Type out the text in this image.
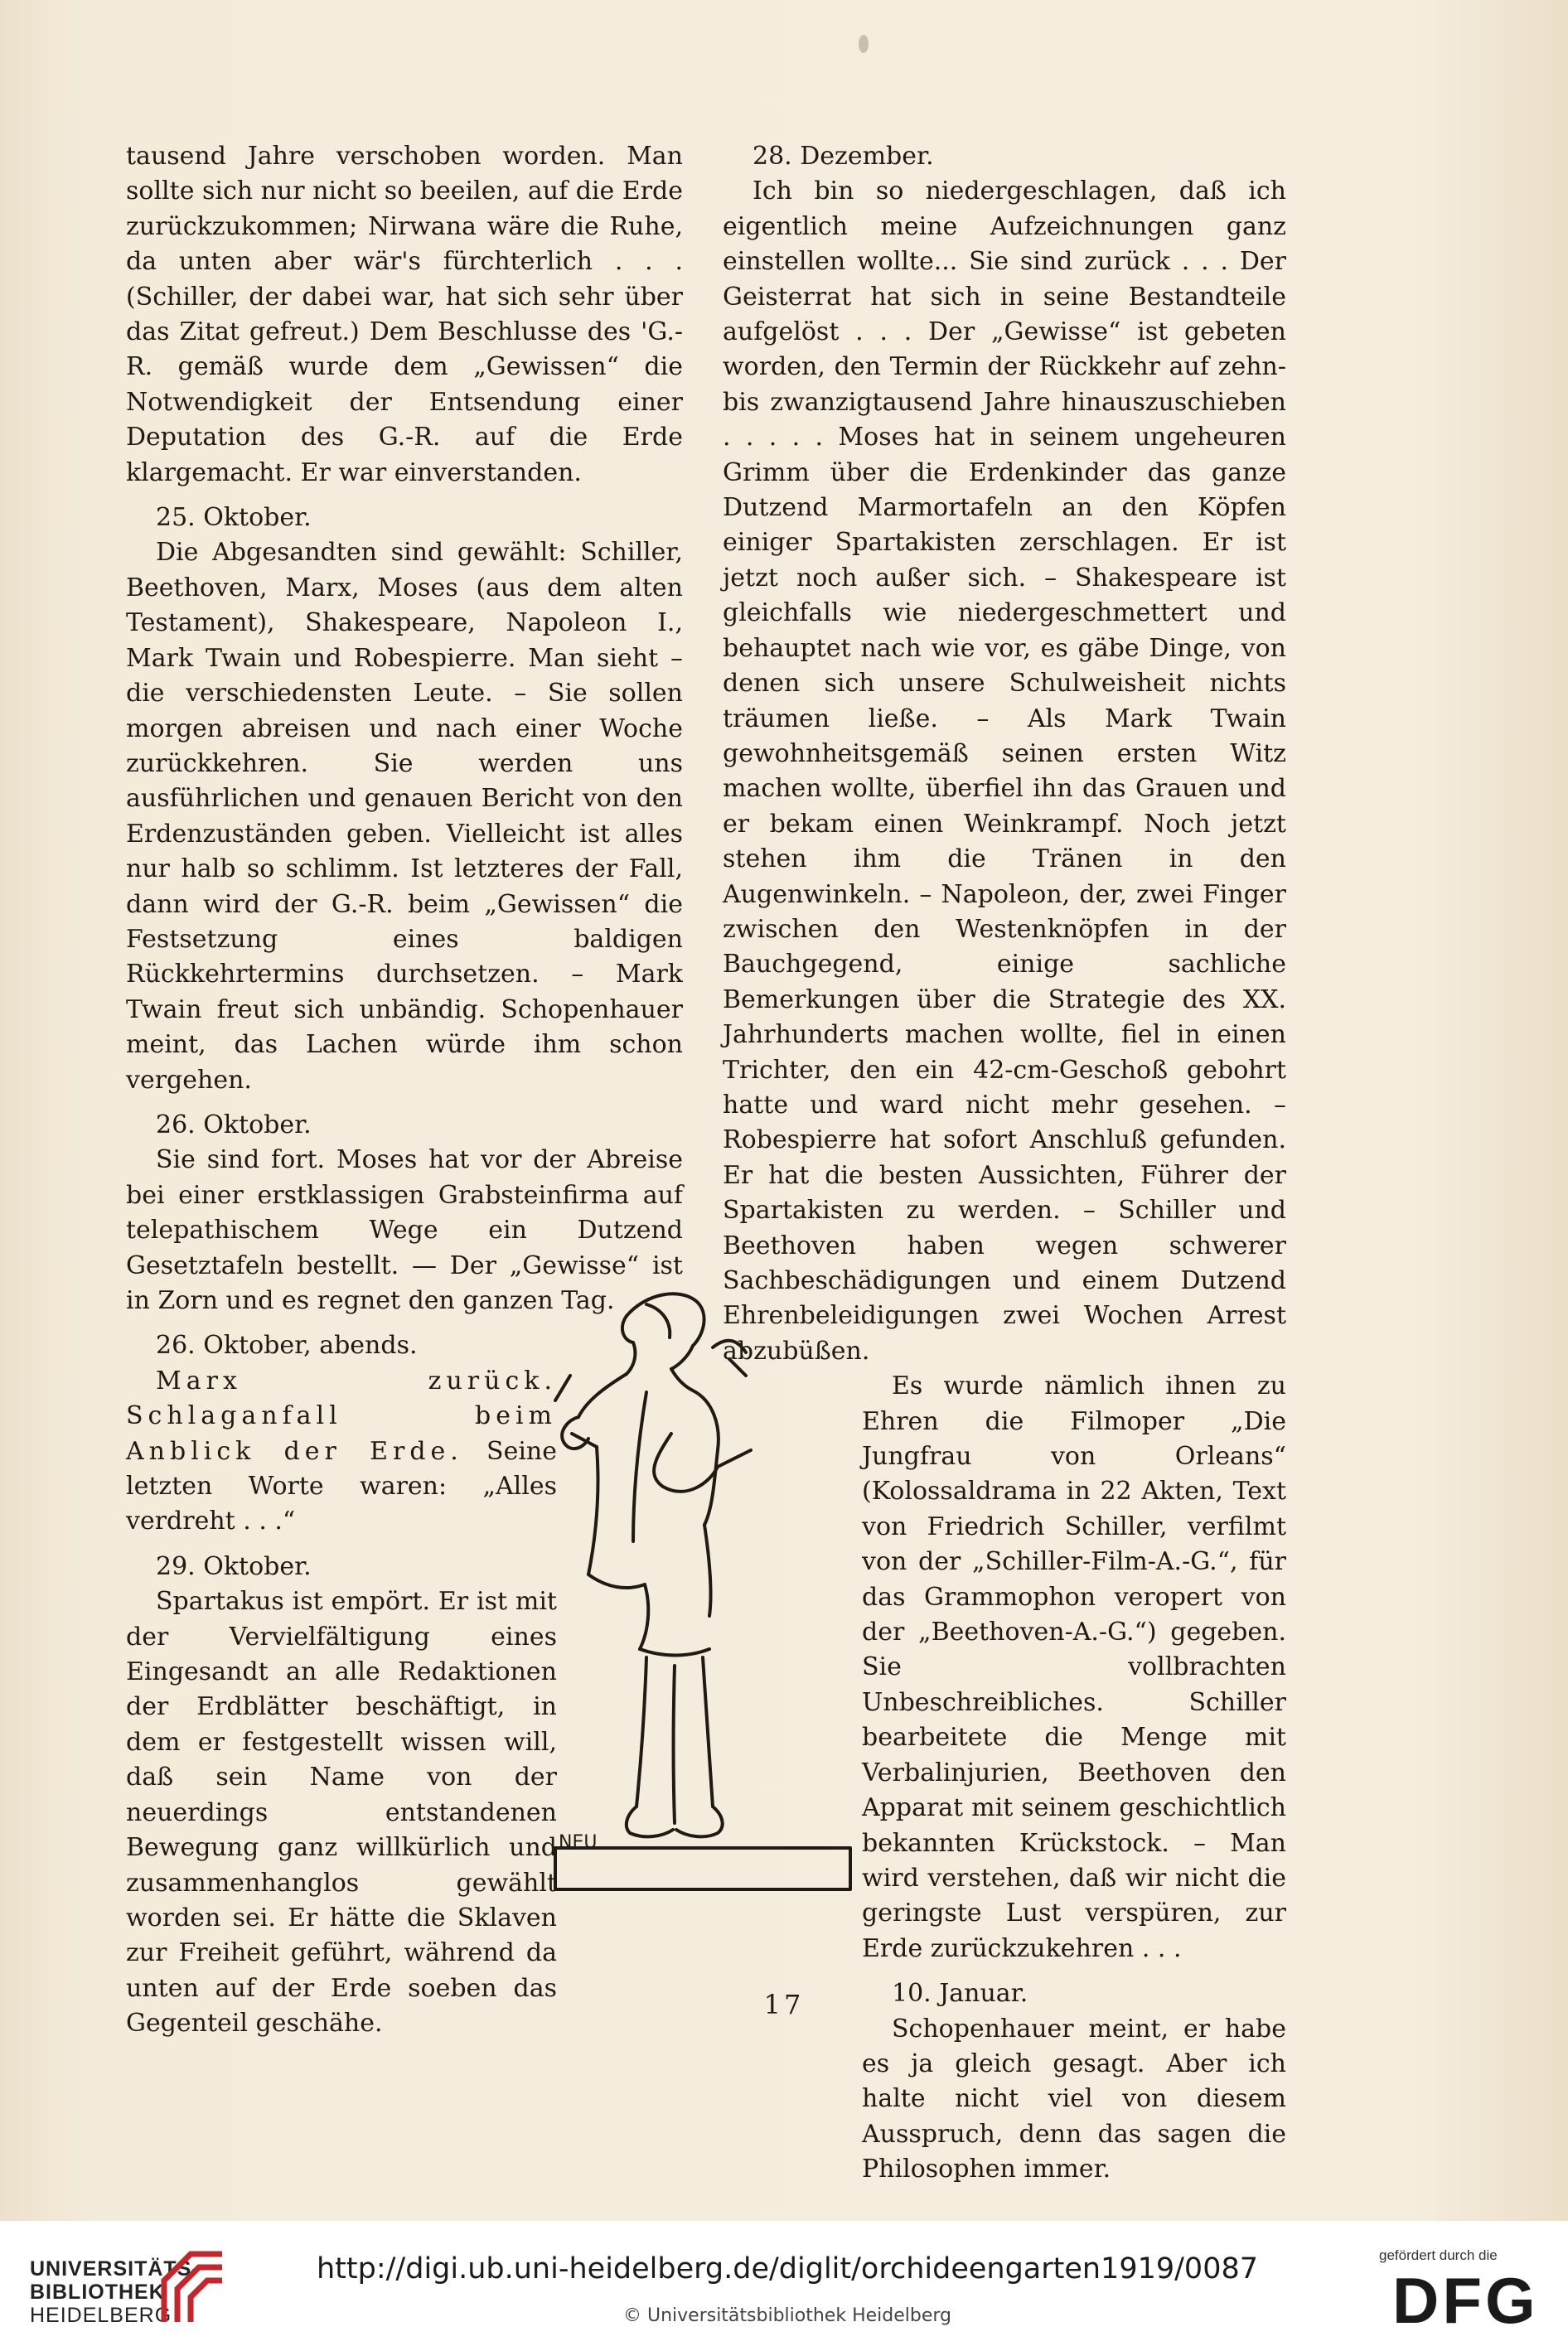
tausend Jahre verschoben worden. Man sollte sich nur nicht so beeilen, auf die Erde zurückzukommen; Nirwana wäre die Ruhe, da unten aber wär's fürchterlich . . . (Schiller, der dabei war, hat sich sehr über das Zitat gefreut.) Dem Beschlusse des 'G.-R. gemäß wurde dem „Gewissen“ die Notwendigkeit der Entsendung einer Deputation des G.-R. auf die Erde klargemacht. Er war einverstanden.

25. Oktober.

Die Abgesandten sind gewählt: Schiller, Beethoven, Marx, Moses (aus dem alten Testament), Shakespeare, Napoleon I., Mark Twain und Robespierre. Man sieht – die verschiedensten Leute. – Sie sollen morgen abreisen und nach einer Woche zurückkehren. Sie werden uns ausführlichen und genauen Bericht von den Erdenzuständen geben. Vielleicht ist alles nur halb so schlimm. Ist letzteres der Fall, dann wird der G.-R. beim „Gewissen“ die Festsetzung eines baldigen Rückkehrtermins durchsetzen. – Mark Twain freut sich unbändig. Schopenhauer meint, das Lachen würde ihm schon vergehen.

26. Oktober.

Sie sind fort. Moses hat vor der Abreise bei einer erstklassigen Grabsteinfirma auf telepathischem Wege ein Dutzend Gesetztafeln bestellt. — Der „Gewisse“ ist in Zorn und es regnet den ganzen Tag.

26. Oktober, abends.

Marx zurück. Schlaganfall beim Anblick der Erde. Seine letzten Worte waren: „Alles verdreht . . .“

29. Oktober.

Spartakus ist empört. Er ist mit der Vervielfältigung eines Eingesandt an alle Redaktionen der Erdblätter beschäftigt, in dem er festgestellt wissen will, daß sein Name von der neuerdings entstandenen Bewegung ganz willkürlich und zusammenhanglos gewählt worden sei. Er hätte die Sklaven zur Freiheit geführt, während da unten auf der Erde soeben das Gegenteil geschähe.

28. Dezember.

Ich bin so niedergeschlagen, daß ich eigentlich meine Aufzeichnungen ganz einstellen wollte... Sie sind zurück . . . Der Geisterrat hat sich in seine Bestandteile aufgelöst . . . Der „Gewisse“ ist gebeten worden, den Termin der Rückkehr auf zehn- bis zwanzigtausend Jahre hinauszuschieben . . . . . Moses hat in seinem ungeheuren Grimm über die Erdenkinder das ganze Dutzend Marmortafeln an den Köpfen einiger Spartakisten zerschlagen. Er ist jetzt noch außer sich. – Shakespeare ist gleichfalls wie niedergeschmettert und behauptet nach wie vor, es gäbe Dinge, von denen sich unsere Schulweisheit nichts träumen ließe. – Als Mark Twain gewohnheitsgemäß seinen ersten Witz machen wollte, überfiel ihn das Grauen und er bekam einen Weinkrampf. Noch jetzt stehen ihm die Tränen in den Augenwinkeln. – Napoleon, der, zwei Finger zwischen den Westenknöpfen in der Bauchgegend, einige sachliche Bemerkungen über die Strategie des XX. Jahrhunderts machen wollte, fiel in einen Trichter, den ein 42-cm-Geschoß gebohrt hatte und ward nicht mehr gesehen. – Robespierre hat sofort Anschluß gefunden. Er hat die besten Aussichten, Führer der Spartakisten zu werden. – Schiller und Beethoven haben wegen schwerer Sachbeschädigungen und einem Dutzend Ehrenbeleidigungen zwei Wochen Arrest abzubüßen.

Es wurde nämlich ihnen zu Ehren die Filmoper „Die Jungfrau von Orleans“ (Kolossaldrama in 22 Akten, Text von Friedrich Schiller, verfilmt von der „Schiller-Film-A.-G.“, für das Grammophon veropert von der „Beethoven-A.-G.“) gegeben. Sie vollbrachten Unbeschreibliches. Schiller bearbeitete die Menge mit Verbalinjurien, Beethoven den Apparat mit seinem geschichtlich bekannten Krückstock. – Man wird verstehen, daß wir nicht die geringste Lust verspüren, zur Erde zurückzukehren . . .

10. Januar.

Schopenhauer meint, er habe es ja gleich gesagt. Aber ich halte nicht viel von diesem Ausspruch, denn das sagen die Philosophen immer.

NEU
17
UNIVERSITÄTS-
BIBLIOTHEK
HEIDELBERG
http://digi.ub.uni-heidelberg.de/diglit/orchideengarten1919/0087
© Universitätsbibliothek Heidelberg
gefördert durch die
DFG
